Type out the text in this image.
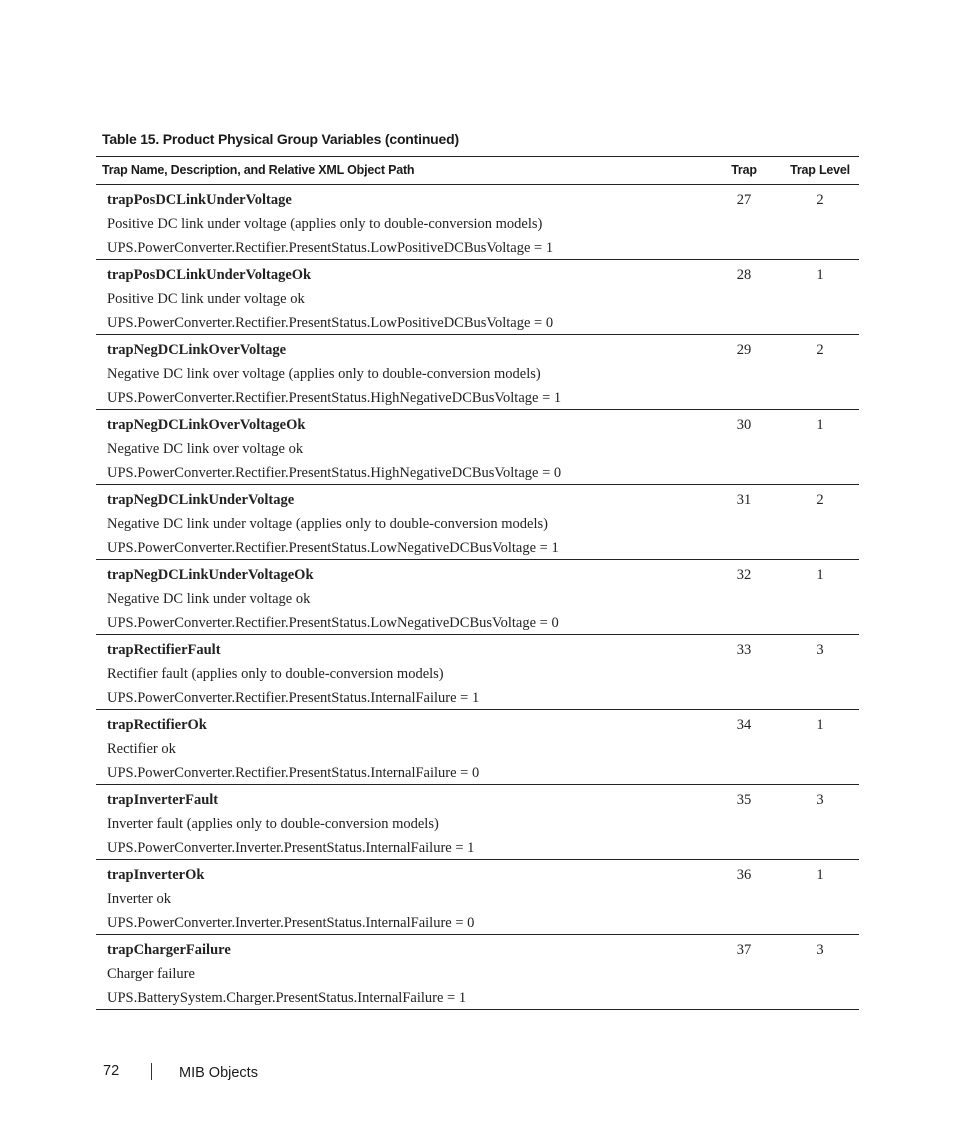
Table 15. Product Physical Group Variables (continued)
Trap Name, Description, and Relative XML Object Path	Trap	Trap Level
trapPosDCLinkUnderVoltage
Positive DC link under voltage (applies only to double-conversion models)
UPS.PowerConverter.Rectifier.PresentStatus.LowPositiveDCBusVoltage = 1
27	2
trapPosDCLinkUnderVoltageOk
Positive DC link under voltage ok
UPS.PowerConverter.Rectifier.PresentStatus.LowPositiveDCBusVoltage = 0
28	1
trapNegDCLinkOverVoltage
Negative DC link over voltage (applies only to double-conversion models)
UPS.PowerConverter.Rectifier.PresentStatus.HighNegativeDCBusVoltage = 1
29	2
trapNegDCLinkOverVoltageOk
Negative DC link over voltage ok
UPS.PowerConverter.Rectifier.PresentStatus.HighNegativeDCBusVoltage = 0
30	1
trapNegDCLinkUnderVoltage
Negative DC link under voltage (applies only to double-conversion models)
UPS.PowerConverter.Rectifier.PresentStatus.LowNegativeDCBusVoltage = 1
31	2
trapNegDCLinkUnderVoltageOk
Negative DC link under voltage ok
UPS.PowerConverter.Rectifier.PresentStatus.LowNegativeDCBusVoltage = 0
32	1
trapRectifierFault
Rectifier fault (applies only to double-conversion models)
UPS.PowerConverter.Rectifier.PresentStatus.InternalFailure = 1
33	3
trapRectifierOk
Rectifier ok
UPS.PowerConverter.Rectifier.PresentStatus.InternalFailure = 0
34	1
trapInverterFault
Inverter fault (applies only to double-conversion models)
UPS.PowerConverter.Inverter.PresentStatus.InternalFailure = 1
35	3
trapInverterOk
Inverter ok
UPS.PowerConverter.Inverter.PresentStatus.InternalFailure = 0
36	1
trapChargerFailure
Charger failure
UPS.BatterySystem.Charger.PresentStatus.InternalFailure = 1
37	3
72	MIB Objects
